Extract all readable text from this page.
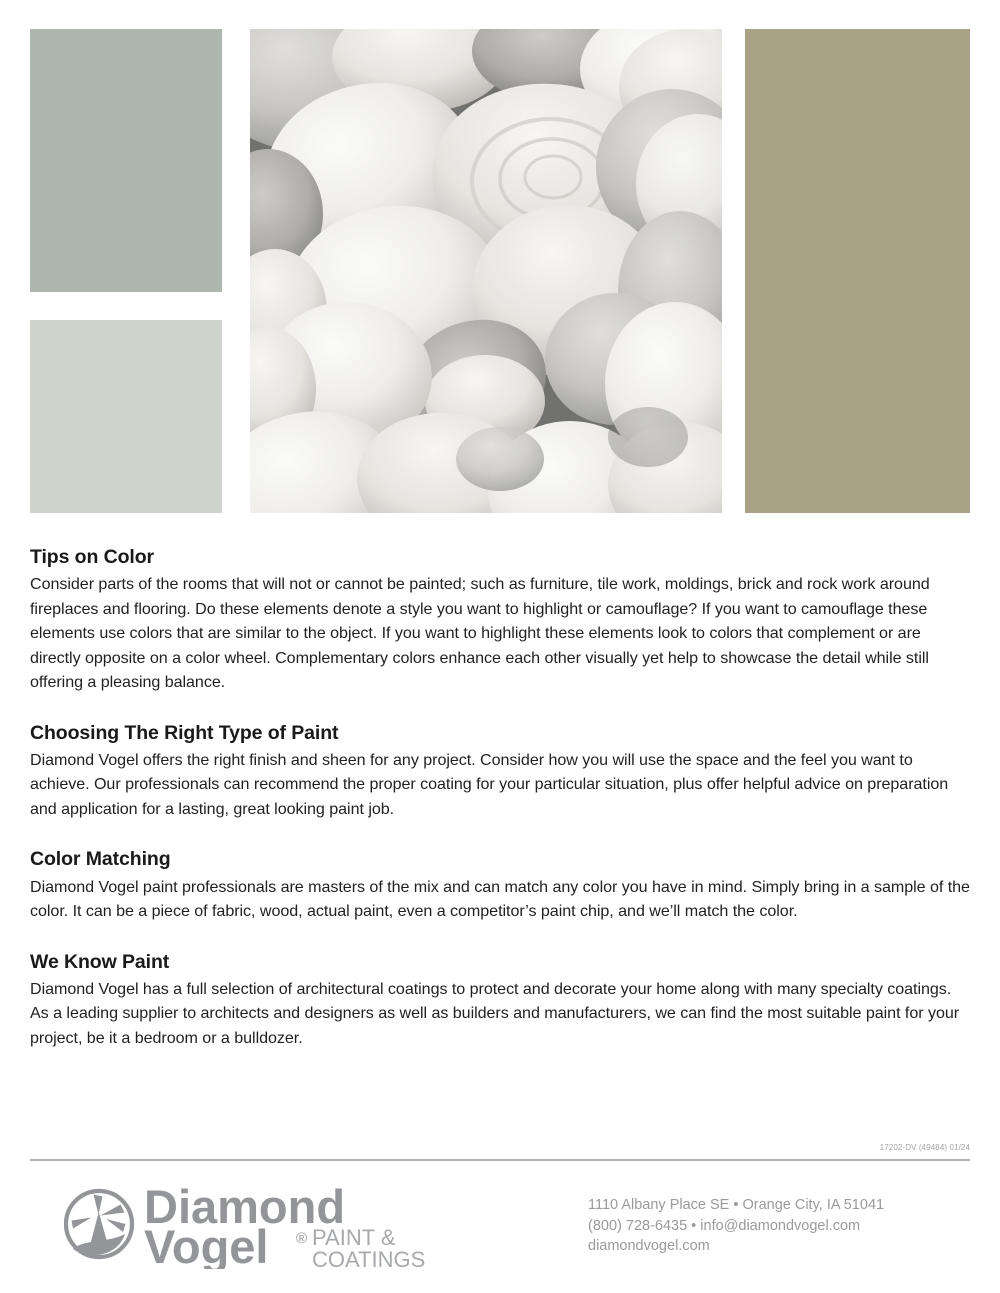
Tips on Color

Consider parts of the rooms that will not or cannot be painted; such as furniture, tile work, moldings, brick and rock work around fireplaces and flooring. Do these elements denote a style you want to highlight or camouflage? If you want to camouflage these elements use colors that are similar to the object. If you want to highlight these elements look to colors that complement or are directly opposite on a color wheel. Complementary colors enhance each other visually yet help to showcase the detail while still offering a pleasing balance.

Choosing The Right Type of Paint

Diamond Vogel offers the right finish and sheen for any project. Consider how you will use the space and the feel you want to achieve. Our professionals can recommend the proper coating for your particular situation, plus offer helpful advice on preparation and application for a lasting, great looking paint job.

Color Matching

Diamond Vogel paint professionals are masters of the mix and can match any color you have in mind. Simply bring in a sample of the color. It can be a piece of fabric, wood, actual paint, even a competitor’s paint chip, and we’ll match the color.

We Know Paint

Diamond Vogel has a full selection of architectural coatings to protect and decorate your home along with many specialty coatings. As a leading supplier to architects and designers as well as builders and manufacturers, we can find the most suitable paint for your project, be it a bedroom or a bulldozer.

17202-DV (49484) 01/24
Diamond
Vogel ® PAINT &
COATINGS
1110 Albany Place SE • Orange City, IA 51041
(800) 728-6435 • info@diamondvogel.com
diamondvogel.com
